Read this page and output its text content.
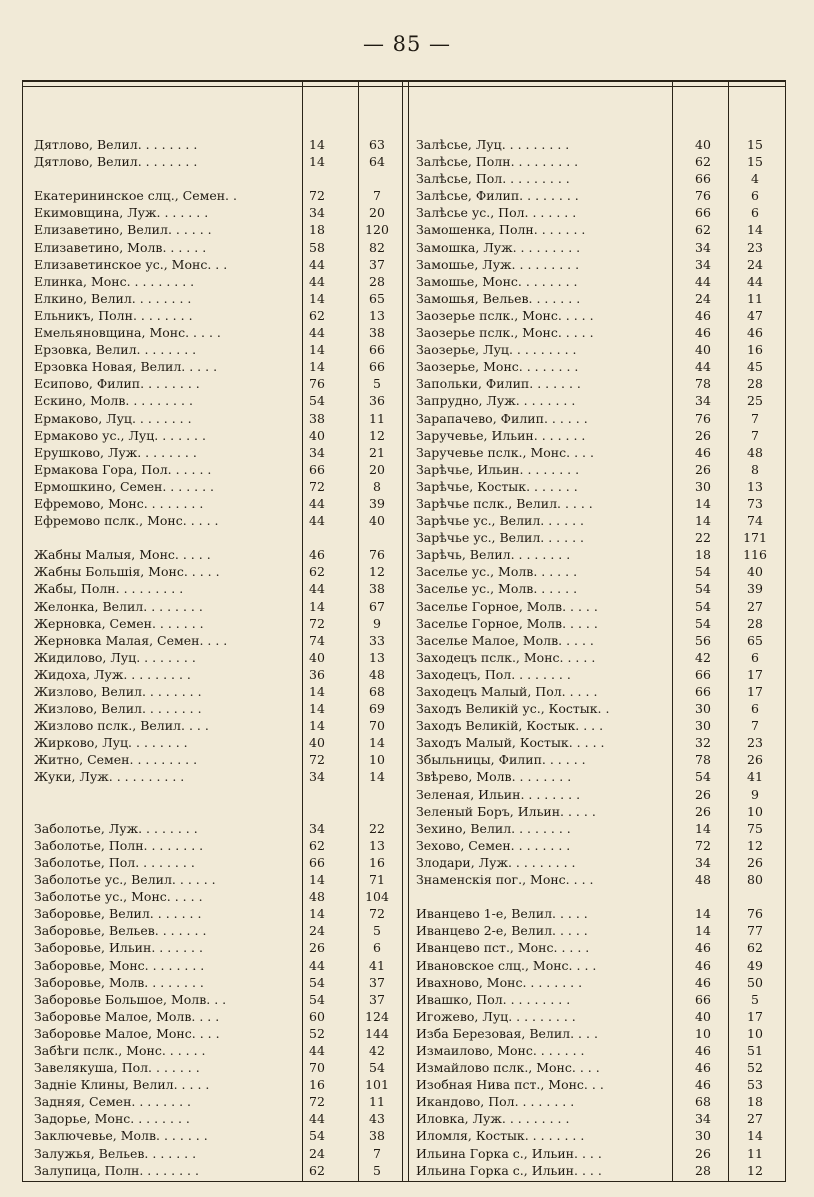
— 85 —
Дятлово, Велил. . . . . . . .	14	63
Дятлово, Велил. . . . . . . .	14	64
Екатерининское слц., Семен. .	72	7
Екимовщина, Луж. . . . . . .	34	20
Елизаветино, Велил. . . . . .	18	120
Елизаветино, Молв. . . . . .	58	82
Елизаветинское ус., Монс. . .	44	37
Елинка, Монс. . . . . . . . .	44	28
Елкино, Велил. . . . . . . .	14	65
Ельникъ, Полн. . . . . . . .	62	13
Емельяновщина, Монс. . . . .	44	38
Ерзовка, Велил. . . . . . . .	14	66
Ерзовка Новая, Велил. . . . .	14	66
Есиповo, Филип. . . . . . . .	76	5
Ескино, Молв. . . . . . . . .	54	36
Ермаково, Луц. . . . . . . .	38	11
Ермаково ус., Луц. . . . . . .	40	12
Ерушково, Луж. . . . . . . .	34	21
Ермакова Гора, Пол. . . . . .	66	20
Ермошкино, Семен. . . . . . .	72	8
Ефремово, Монс. . . . . . . .	44	39
Ефремово пслк., Монс. . . . .	44	40
Жабны Малыя, Монс. . . . .	46	76
Жабны Большія, Монс. . . . .	62	12
Жабы, Полн. . . . . . . . .	44	38
Желонка, Велил. . . . . . . .	14	67
Жерновка, Семен. . . . . . .	72	9
Жерновка Малая, Семен. . . .	74	33
Жидилово, Луц. . . . . . . .	40	13
Жидоха, Луж. . . . . . . . .	36	48
Жизлово, Велил. . . . . . . .	14	68
Жизлово, Велил. . . . . . . .	14	69
Жизлово пслк., Велил. . . .	14	70
Жирково, Луц. . . . . . . .	40	14
Житно, Семен. . . . . . . . .	72	10
Жуки, Луж. . . . . . . . . .	34	14
Заболотье, Луж. . . . . . . .	34	22
Заболотье, Полн. . . . . . . .	62	13
Заболотье, Пол. . . . . . . .	66	16
Заболотье ус., Велил. . . . . .	14	71
Заболотье ус., Монс. . . . .	48	104
Заборовье, Велил. . . . . . .	14	72
Заборовье, Вельев. . . . . . .	24	5
Заборовье, Ильин. . . . . . .	26	6
Заборовье, Монс. . . . . . . .	44	41
Заборовье, Молв. . . . . . . .	54	37
Заборовье Большое, Молв. . .	54	37
Заборовье Малое, Молв. . . .	60	124
Заборовье Малое, Монс. . . .	52	144
Забѣги пслк., Монс. . . . . .	44	42
Завелякуша, Пол. . . . . . .	70	54
Задніе Клины, Велил. . . . .	16	101
Задняя, Семен. . . . . . . .	72	11
Задорье, Монс. . . . . . . .	44	43
Заключевье, Молв. . . . . . .	54	38
Залужья, Вельев. . . . . . .	24	7
Залупица, Полн. . . . . . . .	62	5
Залѣсье, Луц. . . . . . . . .	40	15
Залѣсье, Полн. . . . . . . . .	62	15
Залѣсье, Пол. . . . . . . . .	66	4
Залѣсье, Филип. . . . . . . .	76	6
Залѣсье ус., Пол. . . . . . .	66	6
Замошенка, Полн. . . . . . .	62	14
Замошка, Луж. . . . . . . . .	34	23
Замошье, Луж. . . . . . . . .	34	24
Замошье, Монс. . . . . . . .	44	44
Замошья, Вельев. . . . . . .	24	11
Заозерье пслк., Монс. . . . .	46	47
Заозерье пслк., Монс. . . . .	46	46
Заозерье, Луц. . . . . . . . .	40	16
Заозерье, Монс. . . . . . . .	44	45
Запольки, Филип. . . . . . .	78	28
Запрудно, Луж. . . . . . . .	34	25
Зарапачево, Филип. . . . . .	76	7
Заручевье, Ильин. . . . . . .	26	7
Заручевье пслк., Монс. . . .	46	48
Зарѣчье, Ильин. . . . . . . .	26	8
Зарѣчье, Костык. . . . . . .	30	13
Зарѣчье пслк., Велил. . . . .	14	73
Зарѣчье ус., Велил. . . . . .	14	74
Зарѣчье ус., Велил. . . . . .	22	171
Зарѣчь, Велил. . . . . . . .	18	116
Заселье ус., Молв. . . . . .	54	40
Заселье ус., Молв. . . . . .	54	39
Заселье Горное, Молв. . . . .	54	27
Заселье Горное, Молв. . . . .	54	28
Заселье Малое, Молв. . . . .	56	65
Заходецъ пслк., Монс. . . . .	42	6
Заходецъ, Пол. . . . . . . .	66	17
Заходецъ Малый, Пол. . . . .	66	17
Заходъ Великій ус., Костык. .	30	6
Заходъ Великій, Костык. . . .	30	7
Заходъ Малый, Костык. . . . .	32	23
Збыльницы, Филип. . . . . .	78	26
Звѣрево, Молв. . . . . . . .	54	41
Зеленая, Ильин. . . . . . . .	26	9
Зеленый Боръ, Ильин. . . . .	26	10
Зехино, Велил. . . . . . . .	14	75
Зехово, Семен. . . . . . . .	72	12
Злодари, Луж. . . . . . . . .	34	26
Знаменскія пог., Монс. . . .	48	80
Иванцево 1-е, Велил. . . . .	14	76
Иванцево 2-е, Велил. . . . .	14	77
Иванцево пст., Монс. . . . .	46	62
Ивановское слц., Монс. . . .	46	49
Ивахново, Монс. . . . . . . .	46	50
Ивашко, Пол. . . . . . . . .	66	5
Игожево, Луц. . . . . . . . .	40	17
Изба Березовая, Велил. . . .	10	10
Измаилово, Монс. . . . . . .	46	51
Измайлово пслк., Монс. . . .	46	52
Изобная Нива пст., Монс. . .	46	53
Икандово, Пол. . . . . . . .	68	18
Иловка, Луж. . . . . . . . .	34	27
Иломля, Костык. . . . . . . .	30	14
Ильина Горка с., Ильин. . . .	26	11
Ильина Горка с., Ильин. . . .	28	12
